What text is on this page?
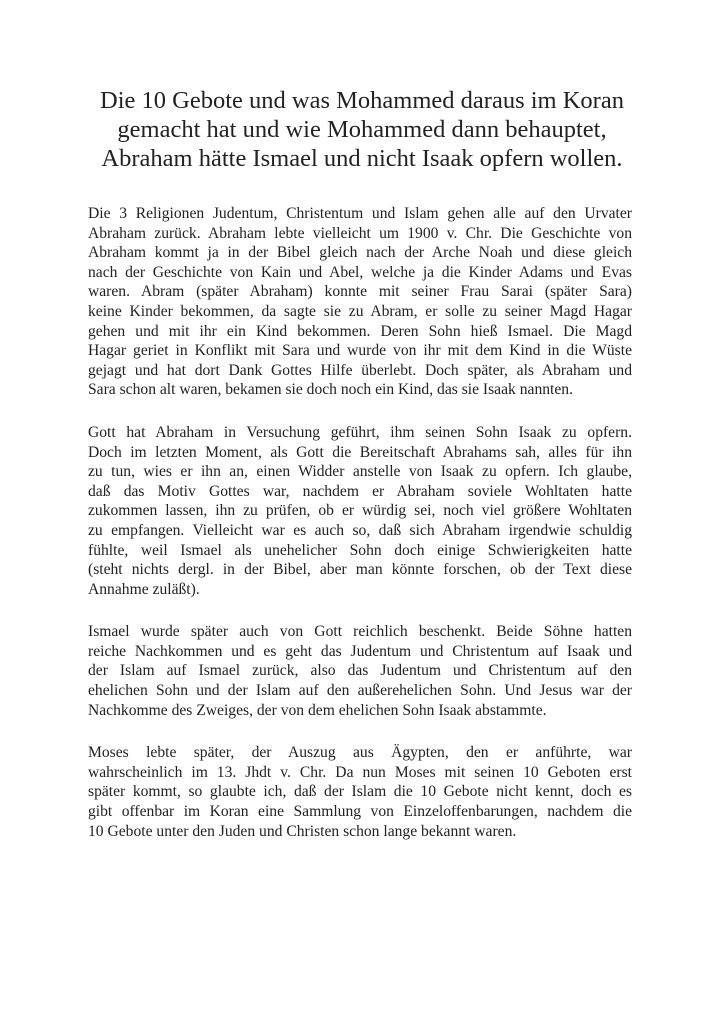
Die 10 Gebote und was Mohammed daraus im Koran
gemacht hat und wie Mohammed dann behauptet,
Abraham hätte Ismael und nicht Isaak opfern wollen.

Die 3 Religionen Judentum, Christentum und Islam gehen alle auf den Urvater
Abraham zurück. Abraham lebte vielleicht um 1900 v. Chr. Die Geschichte von
Abraham kommt ja in der Bibel gleich nach der Arche Noah und diese gleich
nach der Geschichte von Kain und Abel, welche ja die Kinder Adams und Evas
waren. Abram (später Abraham) konnte mit seiner Frau Sarai (später Sara)
keine Kinder bekommen, da sagte sie zu Abram, er solle zu seiner Magd Hagar
gehen und mit ihr ein Kind bekommen. Deren Sohn hieß Ismael. Die Magd
Hagar geriet in Konflikt mit Sara und wurde von ihr mit dem Kind in die Wüste
gejagt und hat dort Dank Gottes Hilfe überlebt. Doch später, als Abraham und
Sara schon alt waren, bekamen sie doch noch ein Kind, das sie Isaak nannten.

Gott hat Abraham in Versuchung geführt, ihm seinen Sohn Isaak zu opfern.
Doch im letzten Moment, als Gott die Bereitschaft Abrahams sah, alles für ihn
zu tun, wies er ihn an, einen Widder anstelle von Isaak zu opfern. Ich glaube,
daß das Motiv Gottes war, nachdem er Abraham soviele Wohltaten hatte
zukommen lassen, ihn zu prüfen, ob er würdig sei, noch viel größere Wohltaten
zu empfangen. Vielleicht war es auch so, daß sich Abraham irgendwie schuldig
fühlte, weil Ismael als unehelicher Sohn doch einige Schwierigkeiten hatte
(steht nichts dergl. in der Bibel, aber man könnte forschen, ob der Text diese
Annahme zuläßt).

Ismael wurde später auch von Gott reichlich beschenkt. Beide Söhne hatten
reiche Nachkommen und es geht das Judentum und Christentum auf Isaak und
der Islam auf Ismael zurück, also das Judentum und Christentum auf den
ehelichen Sohn und der Islam auf den außerehelichen Sohn. Und Jesus war der
Nachkomme des Zweiges, der von dem ehelichen Sohn Isaak abstammte.

Moses lebte später, der Auszug aus Ägypten, den er anführte, war
wahrscheinlich im 13. Jhdt v. Chr. Da nun Moses mit seinen 10 Geboten erst
später kommt, so glaubte ich, daß der Islam die 10 Gebote nicht kennt, doch es
gibt offenbar im Koran eine Sammlung von Einzeloffenbarungen, nachdem die
10 Gebote unter den Juden und Christen schon lange bekannt waren.
